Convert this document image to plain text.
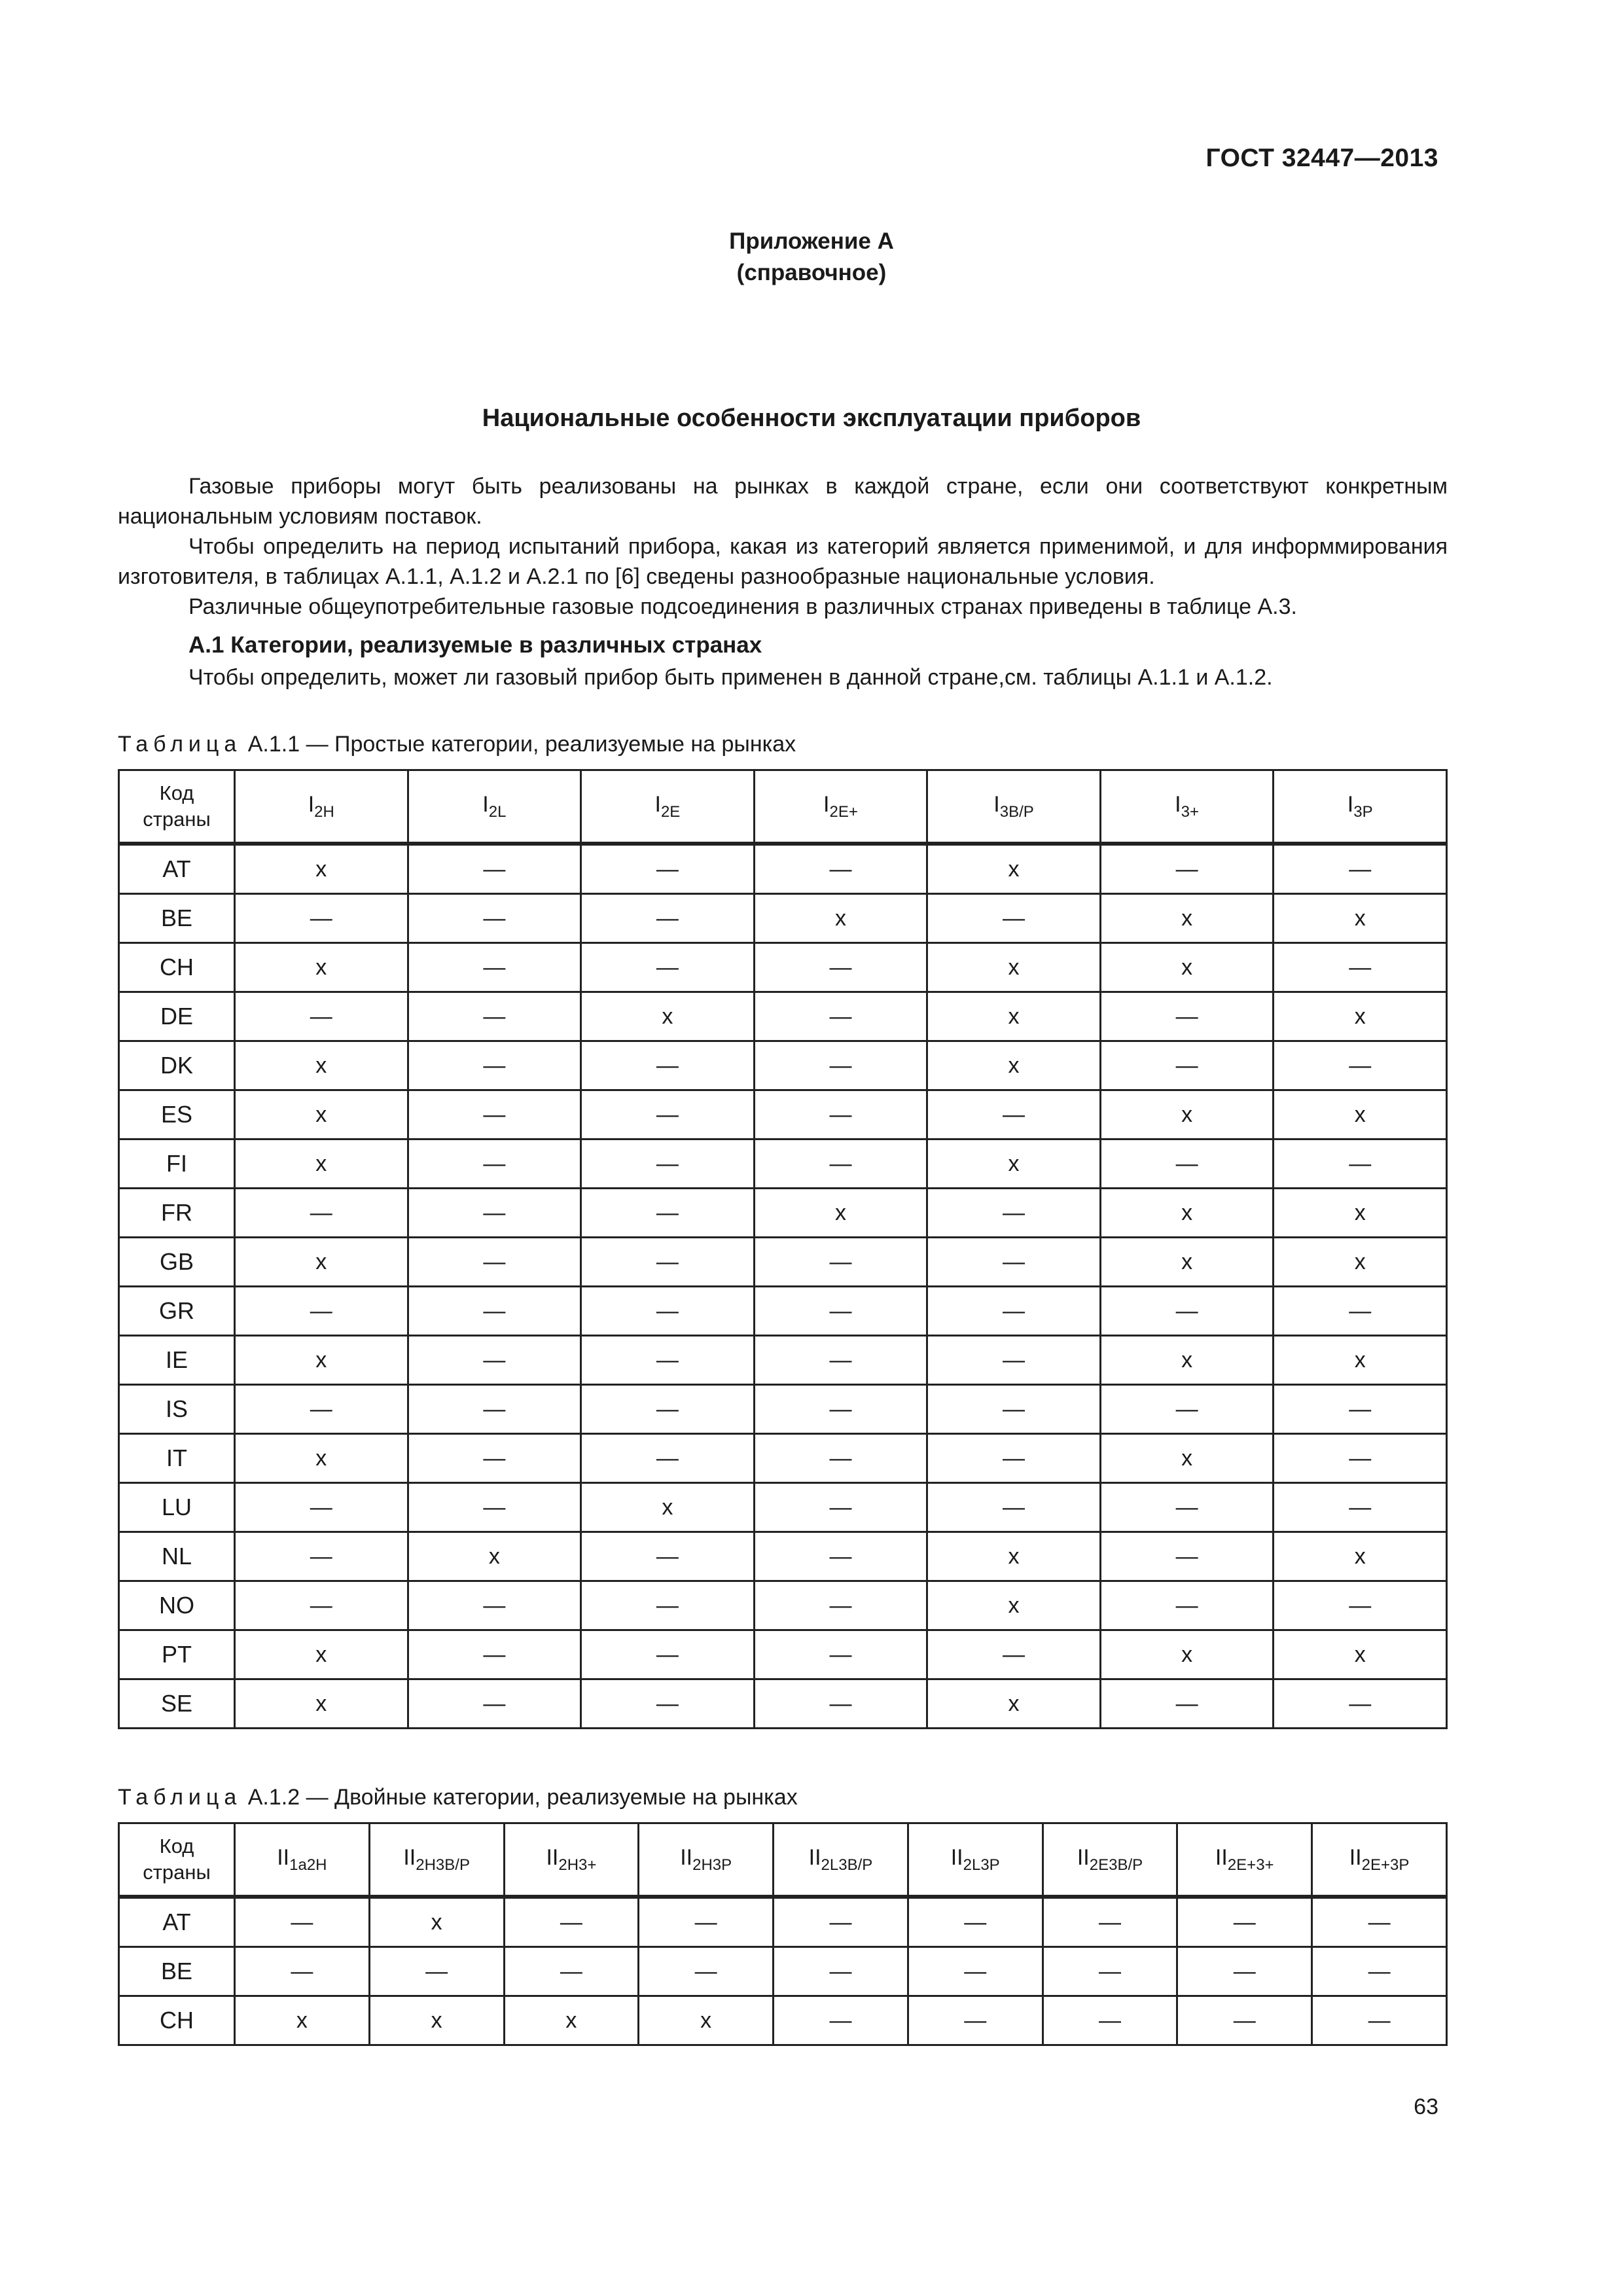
ГОСТ 32447—2013
Приложение А
(справочное)
Национальные особенности эксплуатации приборов

Газовые приборы могут быть реализованы на рынках в каждой стране, если они соответствуют конкретным национальным условиям поставок.

Чтобы определить на период испытаний прибора, какая из категорий является применимой, и для информмирования изготовителя, в таблицах А.1.1, А.1.2 и А.2.1 по [6] сведены разнообразные национальные условия.

Различные общеупотребительные газовые подсоединения в различных странах приведены в таблице А.3.

А.1 Категории, реализуемые в различных странах

Чтобы определить, может ли газовый прибор быть применен в данной стране,см. таблицы А.1.1 и А.1.2.

Таблица А.1.1 — Простые категории, реализуемые на рынках
Код
страны	$I_{2H}$	$I_{2L}$	$I_{2E}$	$I_{2E+}$	$I_{3B/P}$	$I_{3+}$	$I_{3P}$
AT	x	—	—	—	x	—	—
BE	—	—	—	x	—	x	x
CH	x	—	—	—	x	x	—
DE	—	—	x	—	x	—	x
DK	x	—	—	—	x	—	—
ES	x	—	—	—	—	x	x
FI	x	—	—	—	x	—	—
FR	—	—	—	x	—	x	x
GB	x	—	—	—	—	x	x
GR	—	—	—	—	—	—	—
IE	x	—	—	—	—	x	x
IS	—	—	—	—	—	—	—
IT	x	—	—	—	—	x	—
LU	—	—	x	—	—	—	—
NL	—	x	—	—	x	—	x
NO	—	—	—	—	x	—	—
PT	x	—	—	—	—	x	x
SE	x	—	—	—	x	—	—
Таблица А.1.2 — Двойные категории, реализуемые на рынках
Код
страны	$II_{1a2H}$	$II_{2H3B/P}$	$II_{2H3+}$	$II_{2H3P}$	$II_{2L3B/P}$	$II_{2L3P}$	$II_{2E3B/P}$	$II_{2E+3+}$	$II_{2E+3P}$
AT	—	x	—	—	—	—	—	—	—
BE	—	—	—	—	—	—	—	—	—
CH	x	x	x	x	—	—	—	—	—
63
